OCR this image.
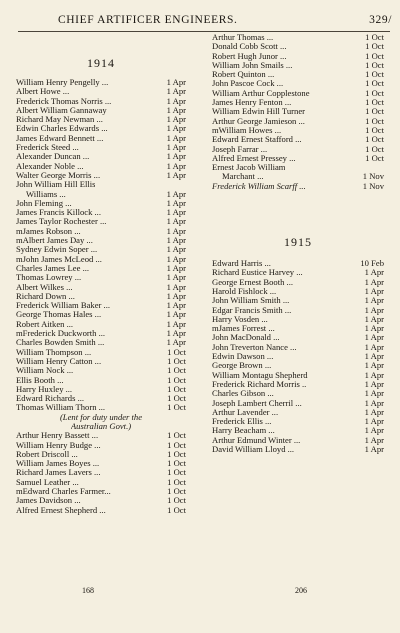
CHIEF ARTIFICER ENGINEERS.	329/
1914
William Henry Pengelly ...	1 Apr
Albert Howe ...	1 Apr
Frederick Thomas Norris ...	1 Apr
Albert William Gannaway	1 Apr
Richard May Newman ...	1 Apr
Edwin Charles Edwards ...	1 Apr
James Edward Bennett ...	1 Apr
Frederick Steed ...	1 Apr
Alexander Duncan ...	1 Apr
Alexander Noble ...	1 Apr
Walter George Morris ...	1 Apr
John William Hill Ellis
Williams ...	1 Apr
John Fleming ...	1 Apr
James Francis Killock ...	1 Apr
James Taylor Rochester ...	1 Apr
mJames Robson ...	1 Apr
mAlbert James Day ...	1 Apr
Sydney Edwin Soper ...	1 Apr
mJohn James McLeod ...	1 Apr
Charles James Lee ...	1 Apr
Thomas Lowrey ...	1 Apr
Albert Wilkes ...	1 Apr
Richard Down ...	1 Apr
Frederick William Baker ...	1 Apr
George Thomas Hales ...	1 Apr
Robert Aitken ...	1 Apr
mFrederick Duckworth ...	1 Apr
Charles Bowden Smith ...	1 Apr
William Thompson ...	1 Oct
William Henry Catton ...	1 Oct
William Nock ...	1 Oct
Ellis Booth ...	1 Oct
Harry Huxley ...	1 Oct
Edward Richards ...	1 Oct
Thomas William Thorn ...	1 Oct
(Lent for duty under the
Australian Govt.)
Arthur Henry Bassett ...	1 Oct
William Henry Budge ...	1 Oct
Robert Driscoll ...	1 Oct
William James Boyes ...	1 Oct
Richard James Lavers ...	1 Oct
Samuel Leather ...	1 Oct
mEdward Charles Farmer...	1 Oct
James Davidson ...	1 Oct
Alfred Ernest Shepherd ...	1 Oct
Arthur Thomas ...	1 Oct
Donald Cobb Scott ...	1 Oct
Robert Hugh Junor ...	1 Oct
William John Smails ...	1 Oct
Robert Quinton ...	1 Oct
John Pascoe Cock ...	1 Oct
William Arthur Copplestone	1 Oct
James Henry Fenton ...	1 Oct
William Edwin Hill Turner	1 Oct
Arthur George Jamieson ...	1 Oct
mWilliam Howes ...	1 Oct
Edward Ernest Stafford ...	1 Oct
Joseph Farrar ...	1 Oct
Alfred Ernest Pressey ...	1 Oct
Ernest Jacob William
Marchant ...	1 Nov
Frederick William Scarff ...	1 Nov
1915
Edward Harris ...	10 Feb
Richard Eustice Harvey ...	1 Apr
George Ernest Booth ...	1 Apr
Harold Fishlock ...	1 Apr
John William Smith ...	1 Apr
Edgar Francis Smith ...	1 Apr
Harry Vosden ...	1 Apr
mJames Forrest ...	1 Apr
John MacDonald ...	1 Apr
John Treverton Nance ...	1 Apr
Edwin Dawson ...	1 Apr
George Brown ...	1 Apr
William Montagu Shepherd	1 Apr
Frederick Richard Morris ..	1 Apr
Charles Gibson ...	1 Apr
Joseph Lambert Cherril ...	1 Apr
Arthur Lavender ...	1 Apr
Frederick Ellis ...	1 Apr
Harry Beacham ...	1 Apr
Arthur Edmund Winter ...	1 Apr
David William Lloyd ...	1 Apr
168	206
